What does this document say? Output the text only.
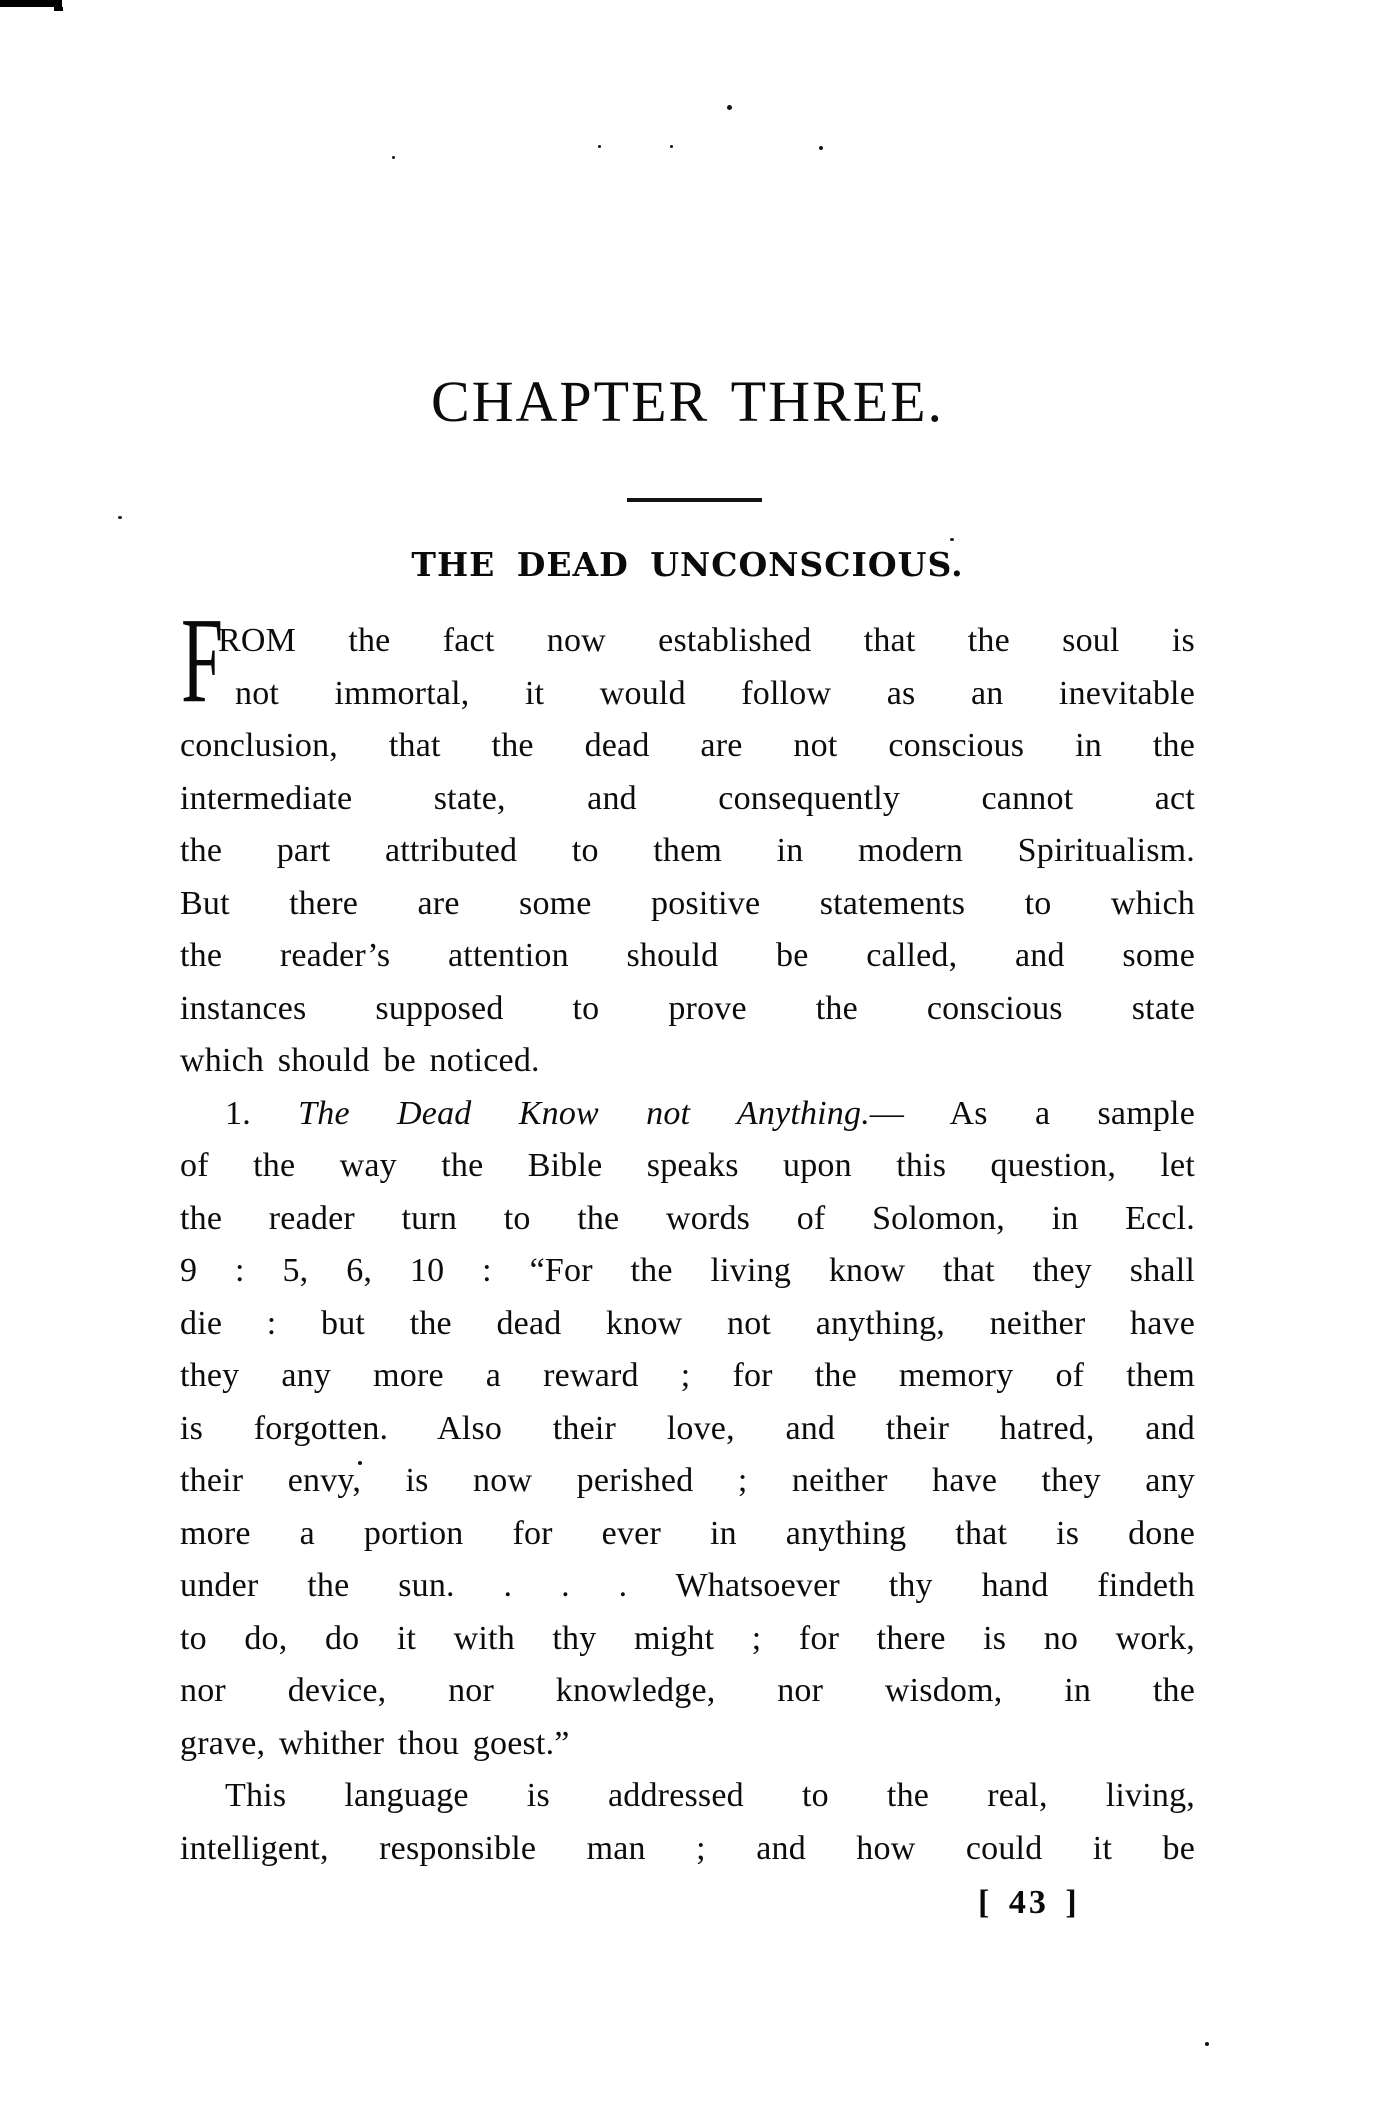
CHAPTER THREE.
THE DEAD UNCONSCIOUS.
F
ROM the fact now established that the soul is
not immortal, it would follow as an inevitable
conclusion, that the dead are not conscious in the
intermediate state, and consequently cannot act
the part attributed to them in modern Spiritualism.
But there are some positive statements to which
the reader’s attention should be called, and some
instances supposed to prove the conscious state
which should be noticed.
1. The Dead Know not Anything.— As a sample
of the way the Bible speaks upon this question, let
the reader turn to the words of Solomon, in Eccl.
9 : 5, 6, 10 : “For the living know that they shall
die : but the dead know not anything, neither have
they any more a reward ; for the memory of them
is forgotten. Also their love, and their hatred, and
their envy, is now perished ; neither have they any
more a portion for ever in anything that is done
under the sun. . . . Whatsoever thy hand findeth
to do, do it with thy might ; for there is no work,
nor device, nor knowledge, nor wisdom, in the
grave, whither thou goest.”
This language is addressed to the real, living,
intelligent, responsible man ; and how could it be
[ 43 ]
